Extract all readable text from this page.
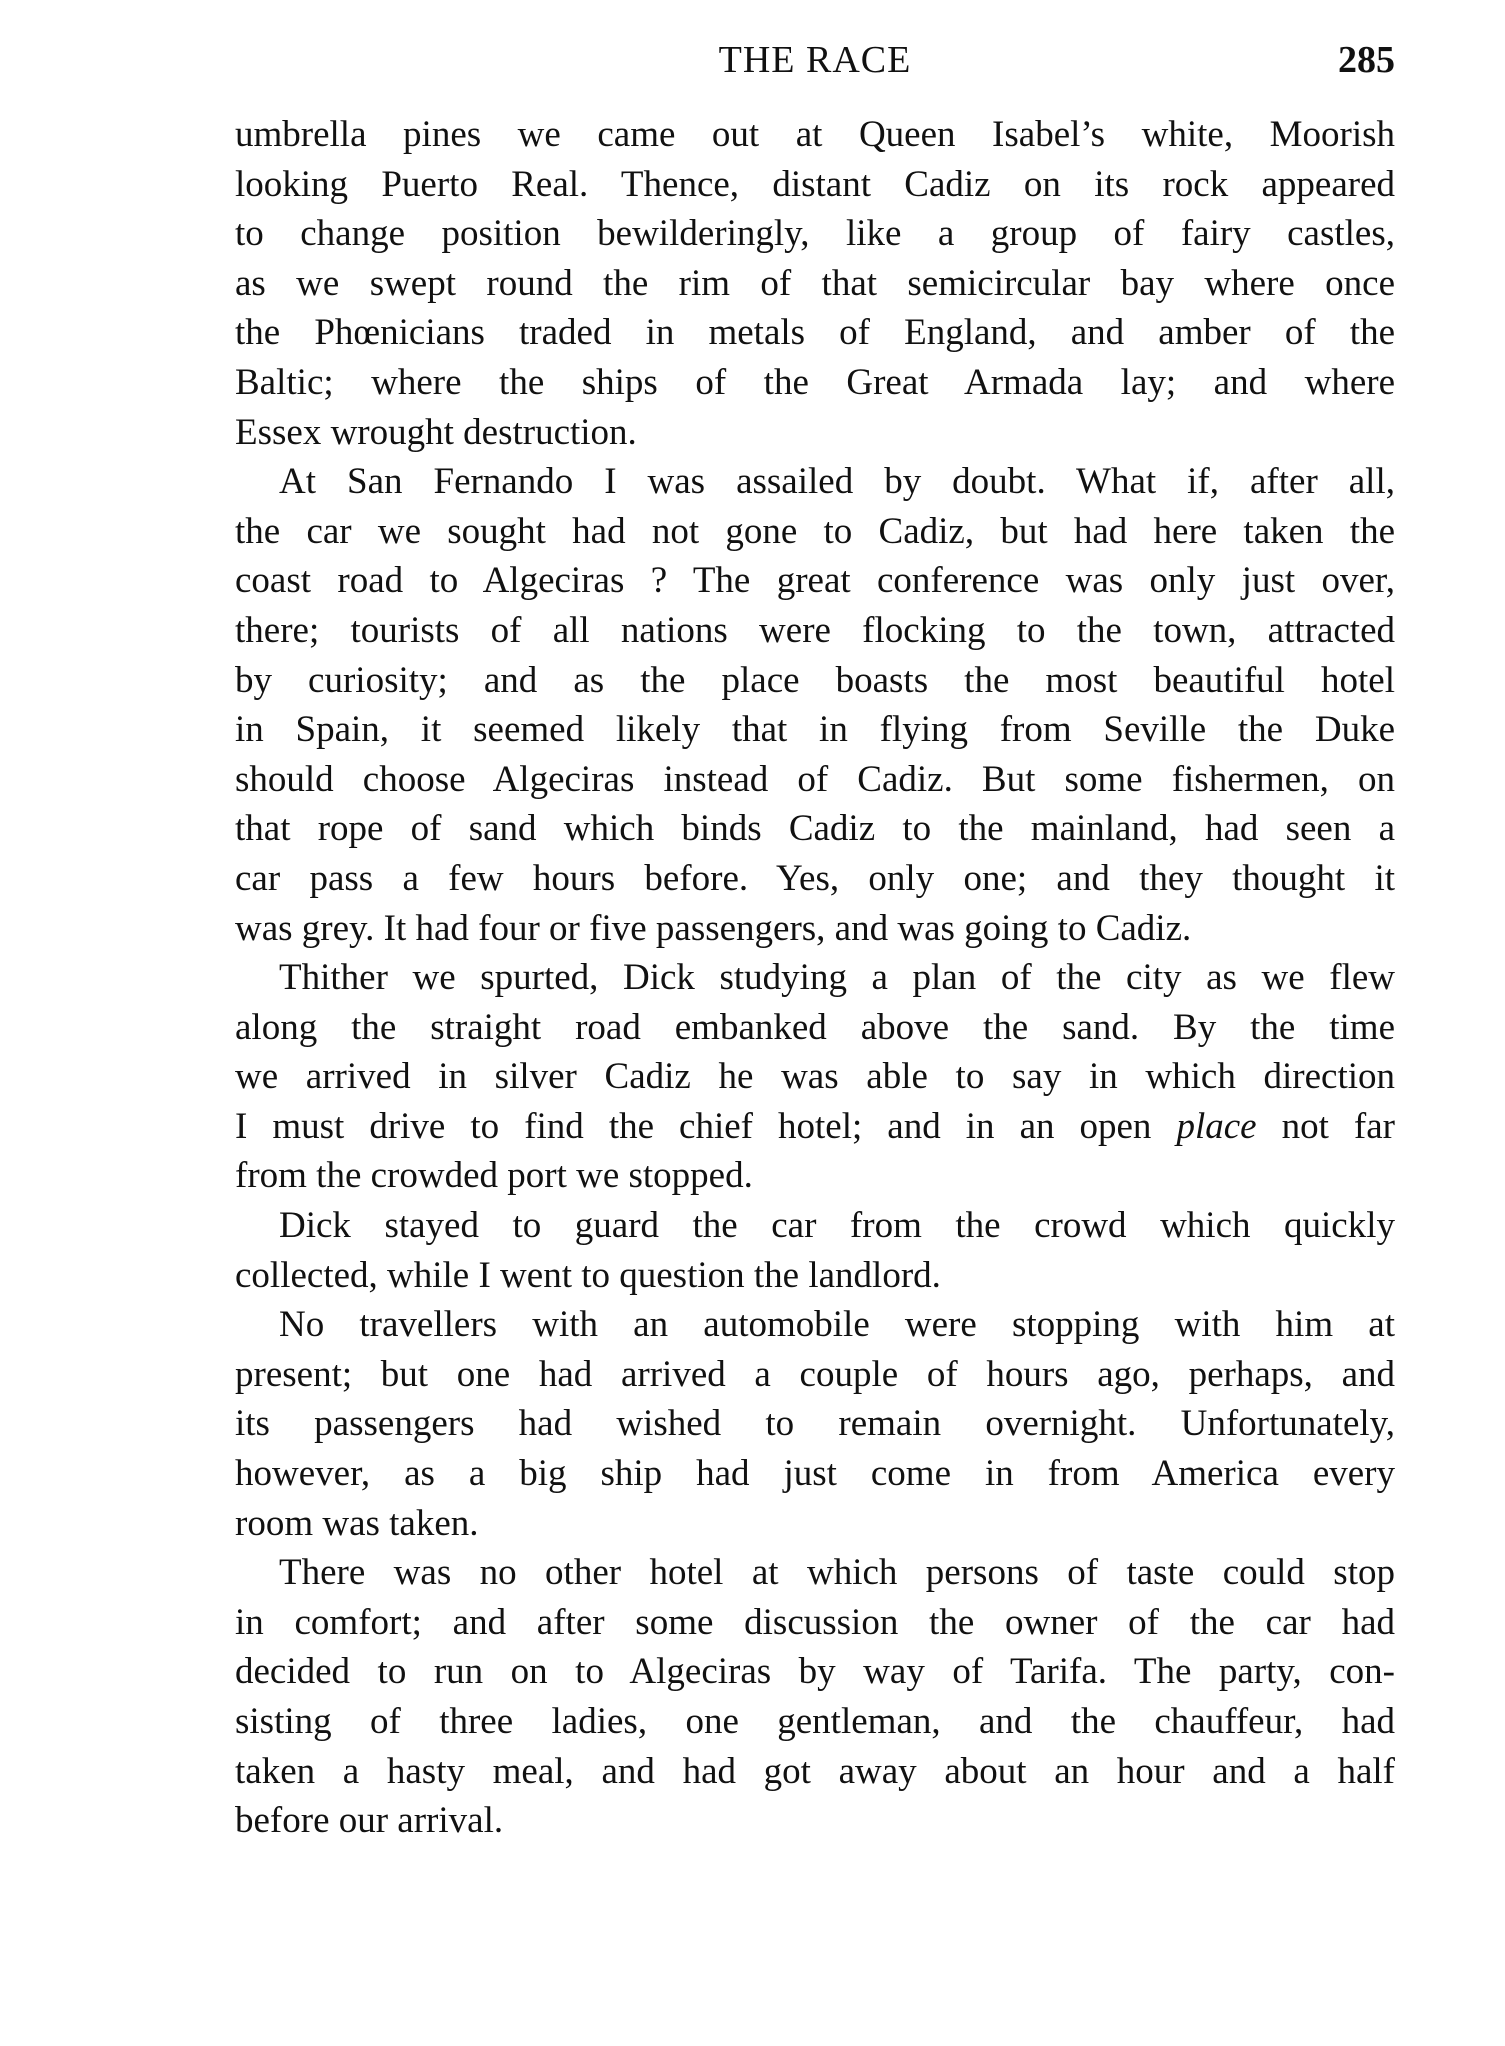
THE RACE	285
umbrella pines we came out at Queen Isabel’s white, Moorish
looking Puerto Real. Thence, distant Cadiz on its rock appeared
to change position bewilderingly, like a group of fairy castles,
as we swept round the rim of that semicircular bay where once
the Phœnicians traded in metals of England, and amber of the
Baltic; where the ships of the Great Armada lay; and where
Essex wrought destruction.
At San Fernando I was assailed by doubt. What if, after all,
the car we sought had not gone to Cadiz, but had here taken the
coast road to Algeciras ? The great conference was only just over,
there; tourists of all nations were flocking to the town, attracted
by curiosity; and as the place boasts the most beautiful hotel
in Spain, it seemed likely that in flying from Seville the Duke
should choose Algeciras instead of Cadiz. But some fishermen, on
that rope of sand which binds Cadiz to the mainland, had seen a
car pass a few hours before. Yes, only one; and they thought it
was grey. It had four or five passengers, and was going to Cadiz.
Thither we spurted, Dick studying a plan of the city as we flew
along the straight road embanked above the sand. By the time
we arrived in silver Cadiz he was able to say in which direction
I must drive to find the chief hotel; and in an open place not far
from the crowded port we stopped.
Dick stayed to guard the car from the crowd which quickly
collected, while I went to question the landlord.
No travellers with an automobile were stopping with him at
present; but one had arrived a couple of hours ago, perhaps, and
its passengers had wished to remain overnight. Unfortunately,
however, as a big ship had just come in from America every
room was taken.
There was no other hotel at which persons of taste could stop
in comfort; and after some discussion the owner of the car had
decided to run on to Algeciras by way of Tarifa. The party, con-
sisting of three ladies, one gentleman, and the chauffeur, had
taken a hasty meal, and had got away about an hour and a half
before our arrival.
